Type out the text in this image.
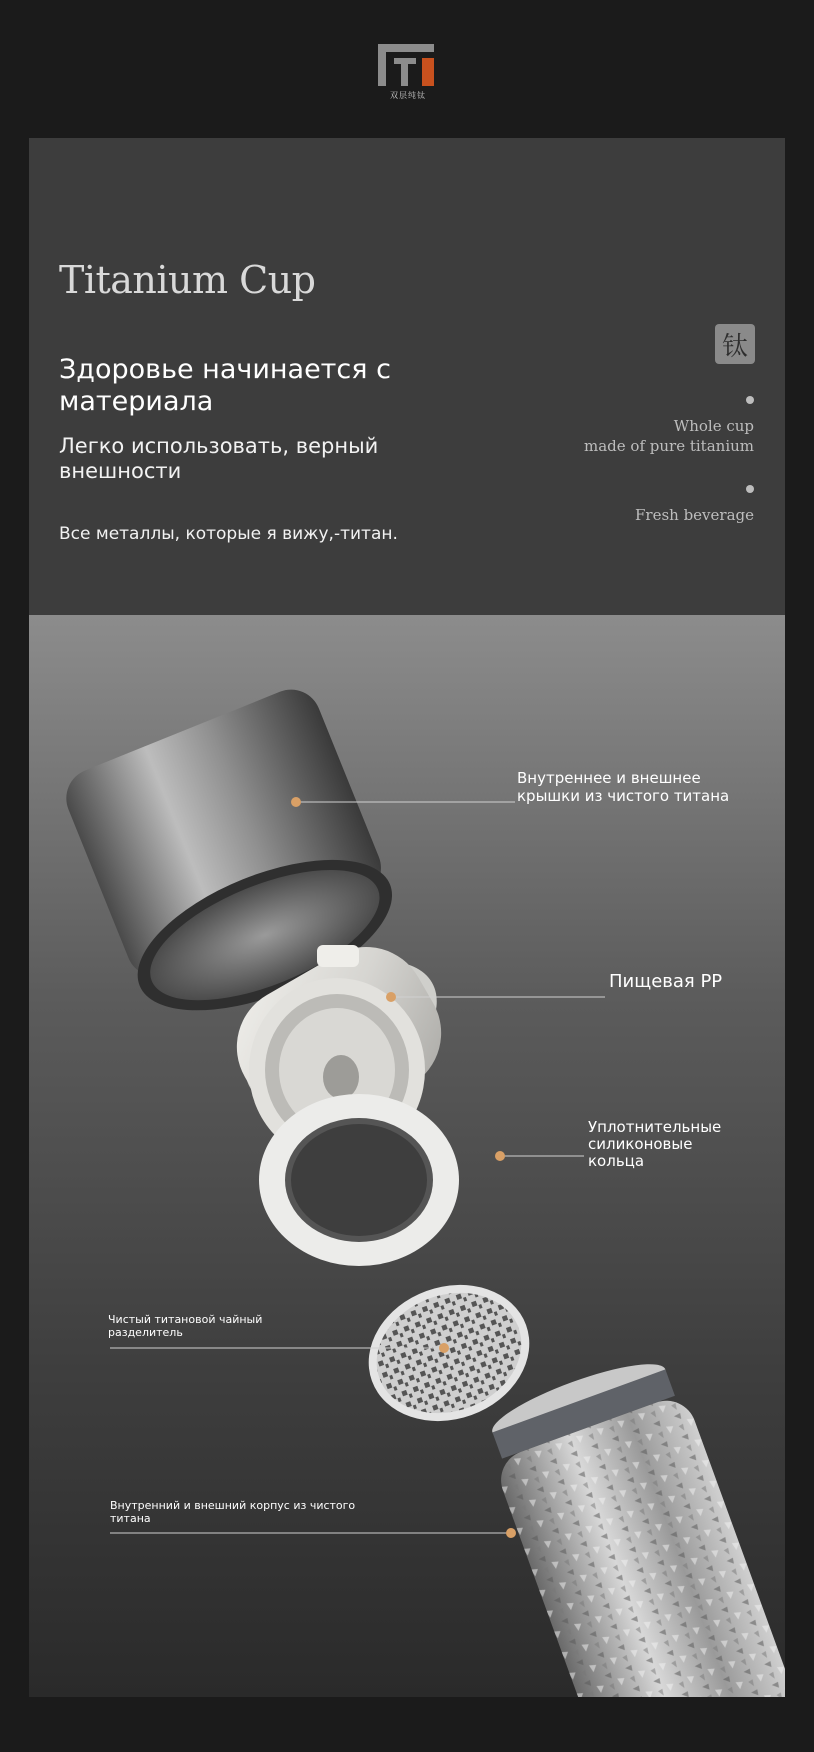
双层纯钛
Titanium Cup
Здоровье начинается с материала
Легко использовать, верный внешности
Все металлы, которые я вижу,-титан.
钛
Whole cup
made of pure titanium
Fresh beverage
Внутреннее и внешнее крышки из чистого титана
Пищевая PP
Уплотнительные силиконовые кольца
Чистый титановой чайный разделитель
Внутренний и внешний корпус из чистого титана
